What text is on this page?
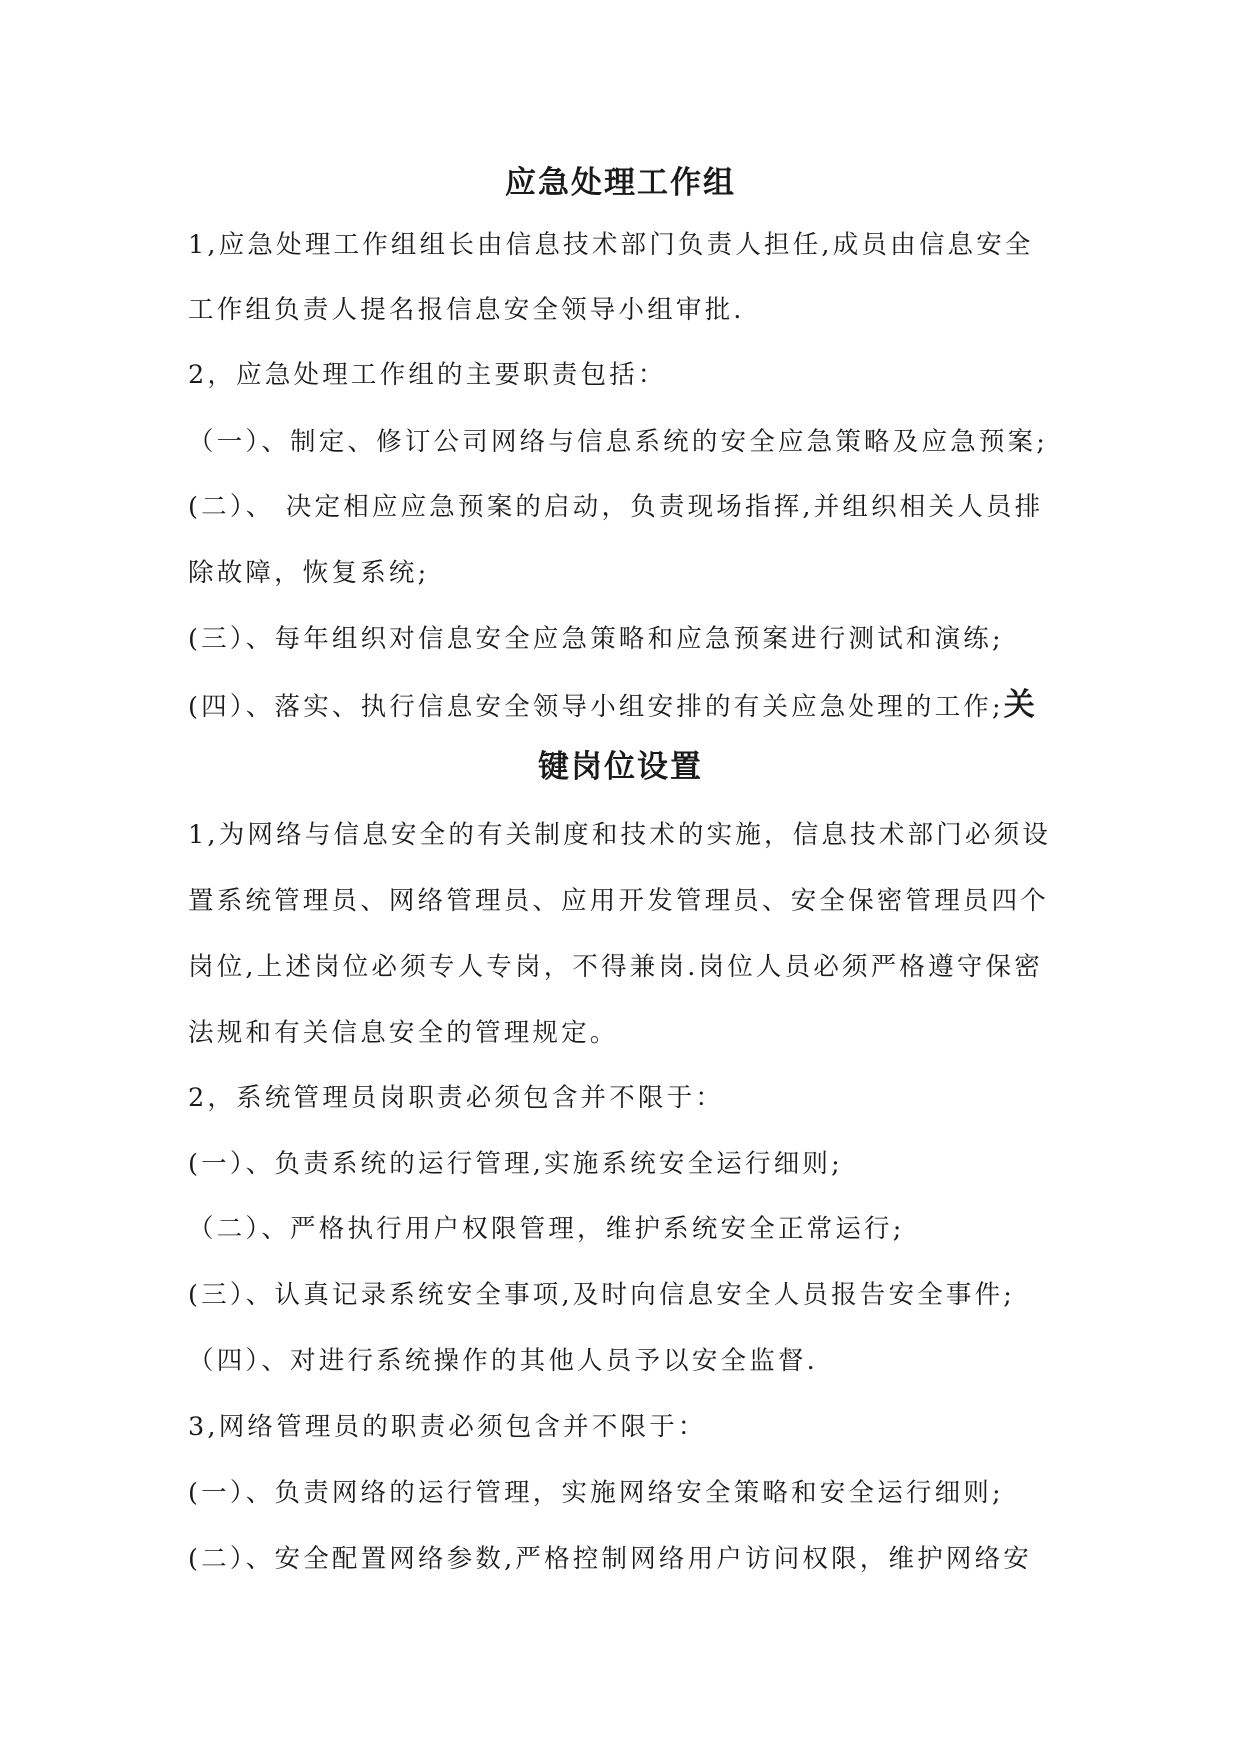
应急处理工作组
1,应急处理工作组组长由信息技术部门负责人担任,成员由信息安全
工作组负责人提名报信息安全领导小组审批.
2，应急处理工作组的主要职责包括：
（一）、制定、修订公司网络与信息系统的安全应急策略及应急预案;
(二）、 决定相应应急预案的启动，负责现场指挥,并组织相关人员排
除故障，恢复系统;
(三）、每年组织对信息安全应急策略和应急预案进行测试和演练;
(四）、落实、执行信息安全领导小组安排的有关应急处理的工作;关
键岗位设置
1,为网络与信息安全的有关制度和技术的实施，信息技术部门必须设
置系统管理员、网络管理员、应用开发管理员、安全保密管理员四个
岗位,上述岗位必须专人专岗，不得兼岗.岗位人员必须严格遵守保密
法规和有关信息安全的管理规定。
2，系统管理员岗职责必须包含并不限于：
(一）、负责系统的运行管理,实施系统安全运行细则;
（二）、严格执行用户权限管理，维护系统安全正常运行;
(三）、认真记录系统安全事项,及时向信息安全人员报告安全事件;
（四）、对进行系统操作的其他人员予以安全监督.
3,网络管理员的职责必须包含并不限于：
(一）、负责网络的运行管理，实施网络安全策略和安全运行细则;
(二）、安全配置网络参数,严格控制网络用户访问权限，维护网络安
